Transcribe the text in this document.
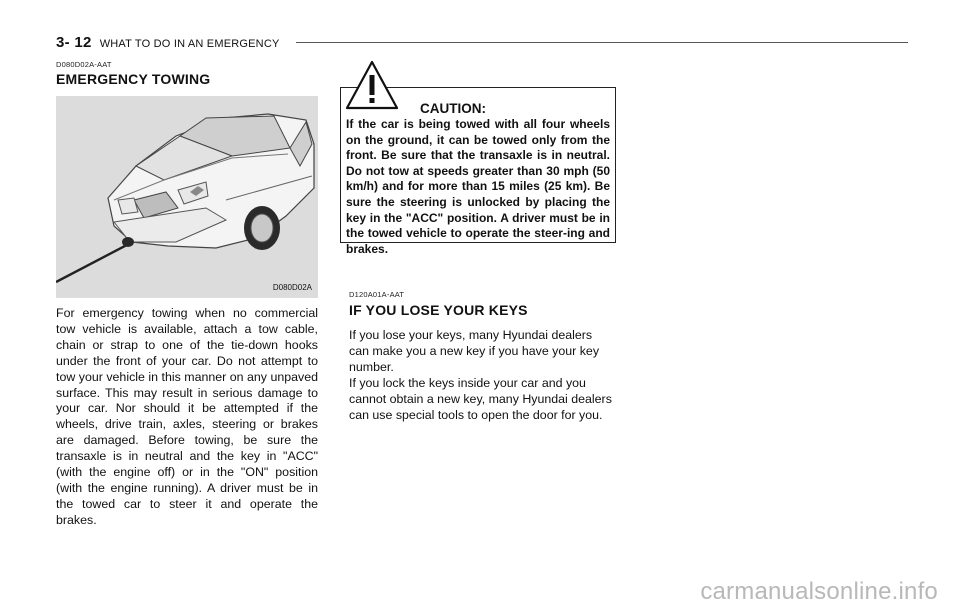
3- 12 WHAT TO DO IN AN EMERGENCY
D080D02A-AAT
EMERGENCY TOWING
D080D02A
For emergency towing when no commercial tow vehicle is available, attach a tow cable, chain or strap to one of the tie-down hooks under the front of your car. Do not attempt to tow your vehicle in this manner on any unpaved surface. This may result in serious damage to your car. Nor should it be attempted if the wheels, drive train, axles, steering or brakes are damaged. Before towing, be sure the transaxle is in neutral and the key in "ACC" (with the engine off) or in the "ON" position (with the engine running). A driver must be in the towed car to steer it and operate the brakes.
CAUTION:
If the car is being towed with all four wheels on the ground, it can be towed only from the front. Be sure that the transaxle is in neutral. Do not tow at speeds greater than 30 mph (50 km/h) and for more than 15 miles (25 km). Be sure the steering is unlocked by placing the key in the "ACC" position. A driver must be in the towed vehicle to operate the steer-ing and brakes.
D120A01A-AAT
IF YOU LOSE YOUR KEYS

If you lose your keys, many Hyundai dealers can make you a new key if you have your key number.

If you lock the keys inside your car and you cannot obtain a new key, many Hyundai dealers can use special tools to open the door for you.

carmanualsonline.info
